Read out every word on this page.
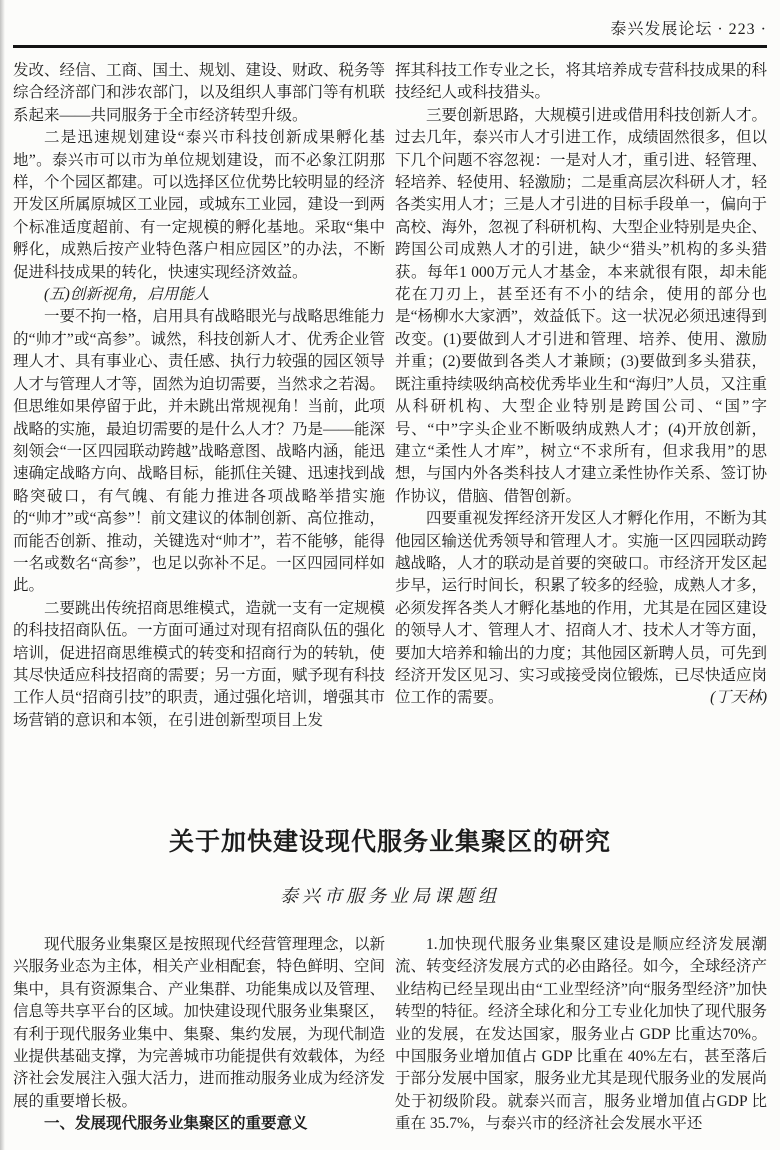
泰兴发展论坛 · 223 ·

发改、经信、工商、国土、规划、建设、财政、税务等综合经济部门和涉农部门，以及组织人事部门等有机联系起来——共同服务于全市经济转型升级。

二是迅速规划建设“泰兴市科技创新成果孵化基地”。泰兴市可以市为单位规划建设，而不必象江阴那样，个个园区都建。可以选择区位优势比较明显的经济开发区所属原城区工业园，或城东工业园，建设一到两个标准适度超前、有一定规模的孵化基地。采取“集中孵化，成熟后按产业特色落户相应园区”的办法，不断促进科技成果的转化，快速实现经济效益。

(五)创新视角，启用能人

一要不拘一格，启用具有战略眼光与战略思维能力的“帅才”或“高参”。诚然，科技创新人才、优秀企业管理人才、具有事业心、责任感、执行力较强的园区领导人才与管理人才等，固然为迫切需要，当然求之若渴。但思维如果停留于此，并未跳出常规视角！当前，此项战略的实施，最迫切需要的是什么人才？乃是——能深刻领会“一区四园联动跨越”战略意图、战略内涵，能迅速确定战略方向、战略目标，能抓住关键、迅速找到战略突破口，有气魄、有能力推进各项战略举措实施的“帅才”或“高参”！前文建议的体制创新、高位推动，而能否创新、推动，关键选对“帅才”，若不能够，能得一名或数名“高参”，也足以弥补不足。一区四园同样如此。

二要跳出传统招商思维模式，造就一支有一定规模的科技招商队伍。一方面可通过对现有招商队伍的强化培训，促进招商思维模式的转变和招商行为的转轨，使其尽快适应科技招商的需要；另一方面，赋予现有科技工作人员“招商引技”的职责，通过强化培训，增强其市场营销的意识和本领，在引进创新型项目上发

挥其科技工作专业之长，将其培养成专营科技成果的科技经纪人或科技猎头。

三要创新思路，大规模引进或借用科技创新人才。过去几年，泰兴市人才引进工作，成绩固然很多，但以下几个问题不容忽视：一是对人才，重引进、轻管理、轻培养、轻使用、轻激励；二是重高层次科研人才，轻各类实用人才；三是人才引进的目标手段单一，偏向于高校、海外，忽视了科研机构、大型企业特别是央企、跨国公司成熟人才的引进，缺少“猎头”机构的多头猎获。每年1 000万元人才基金，本来就很有限，却未能花在刀刃上，甚至还有不小的结余，使用的部分也是“杨柳水大家洒”，效益低下。这一状况必须迅速得到改变。(1)要做到人才引进和管理、培养、使用、激励并重；(2)要做到各类人才兼顾；(3)要做到多头猎获，既注重持续吸纳高校优秀毕业生和“海归”人员，又注重从科研机构、大型企业特别是跨国公司、“国”字号、“中”字头企业不断吸纳成熟人才；(4)开放创新，建立“柔性人才库”，树立“不求所有，但求我用”的思想，与国内外各类科技人才建立柔性协作关系、签订协作协议，借脑、借智创新。

四要重视发挥经济开发区人才孵化作用，不断为其他园区输送优秀领导和管理人才。实施一区四园联动跨越战略，人才的联动是首要的突破口。市经济开发区起步早，运行时间长，积累了较多的经验，成熟人才多，必须发挥各类人才孵化基地的作用，尤其是在园区建设的领导人才、管理人才、招商人才、技术人才等方面，要加大培养和输出的力度；其他园区新聘人员，可先到经济开发区见习、实习或接受岗位锻炼，已尽快适应岗位工作的需要。	(丁天林)

关于加快建设现代服务业集聚区的研究
泰兴市服务业局课题组

现代服务业集聚区是按照现代经营管理理念，以新兴服务业态为主体，相关产业相配套，特色鲜明、空间集中，具有资源集合、产业集群、功能集成以及管理、信息等共享平台的区域。加快建设现代服务业集聚区，有利于现代服务业集中、集聚、集约发展，为现代制造业提供基础支撑，为完善城市功能提供有效载体，为经济社会发展注入强大活力，进而推动服务业成为经济发展的重要增长极。

一、发展现代服务业集聚区的重要意义

1.加快现代服务业集聚区建设是顺应经济发展潮流、转变经济发展方式的必由路径。如今，全球经济产业结构已经呈现出由“工业型经济”向“服务型经济”加快转型的特征。经济全球化和分工专业化加快了现代服务业的发展，在发达国家，服务业占 GDP 比重达70%。中国服务业增加值占 GDP 比重在 40%左右，甚至落后于部分发展中国家，服务业尤其是现代服务业的发展尚处于初级阶段。就泰兴而言，服务业增加值占GDP 比重在 35.7%，与泰兴市的经济社会发展水平还
